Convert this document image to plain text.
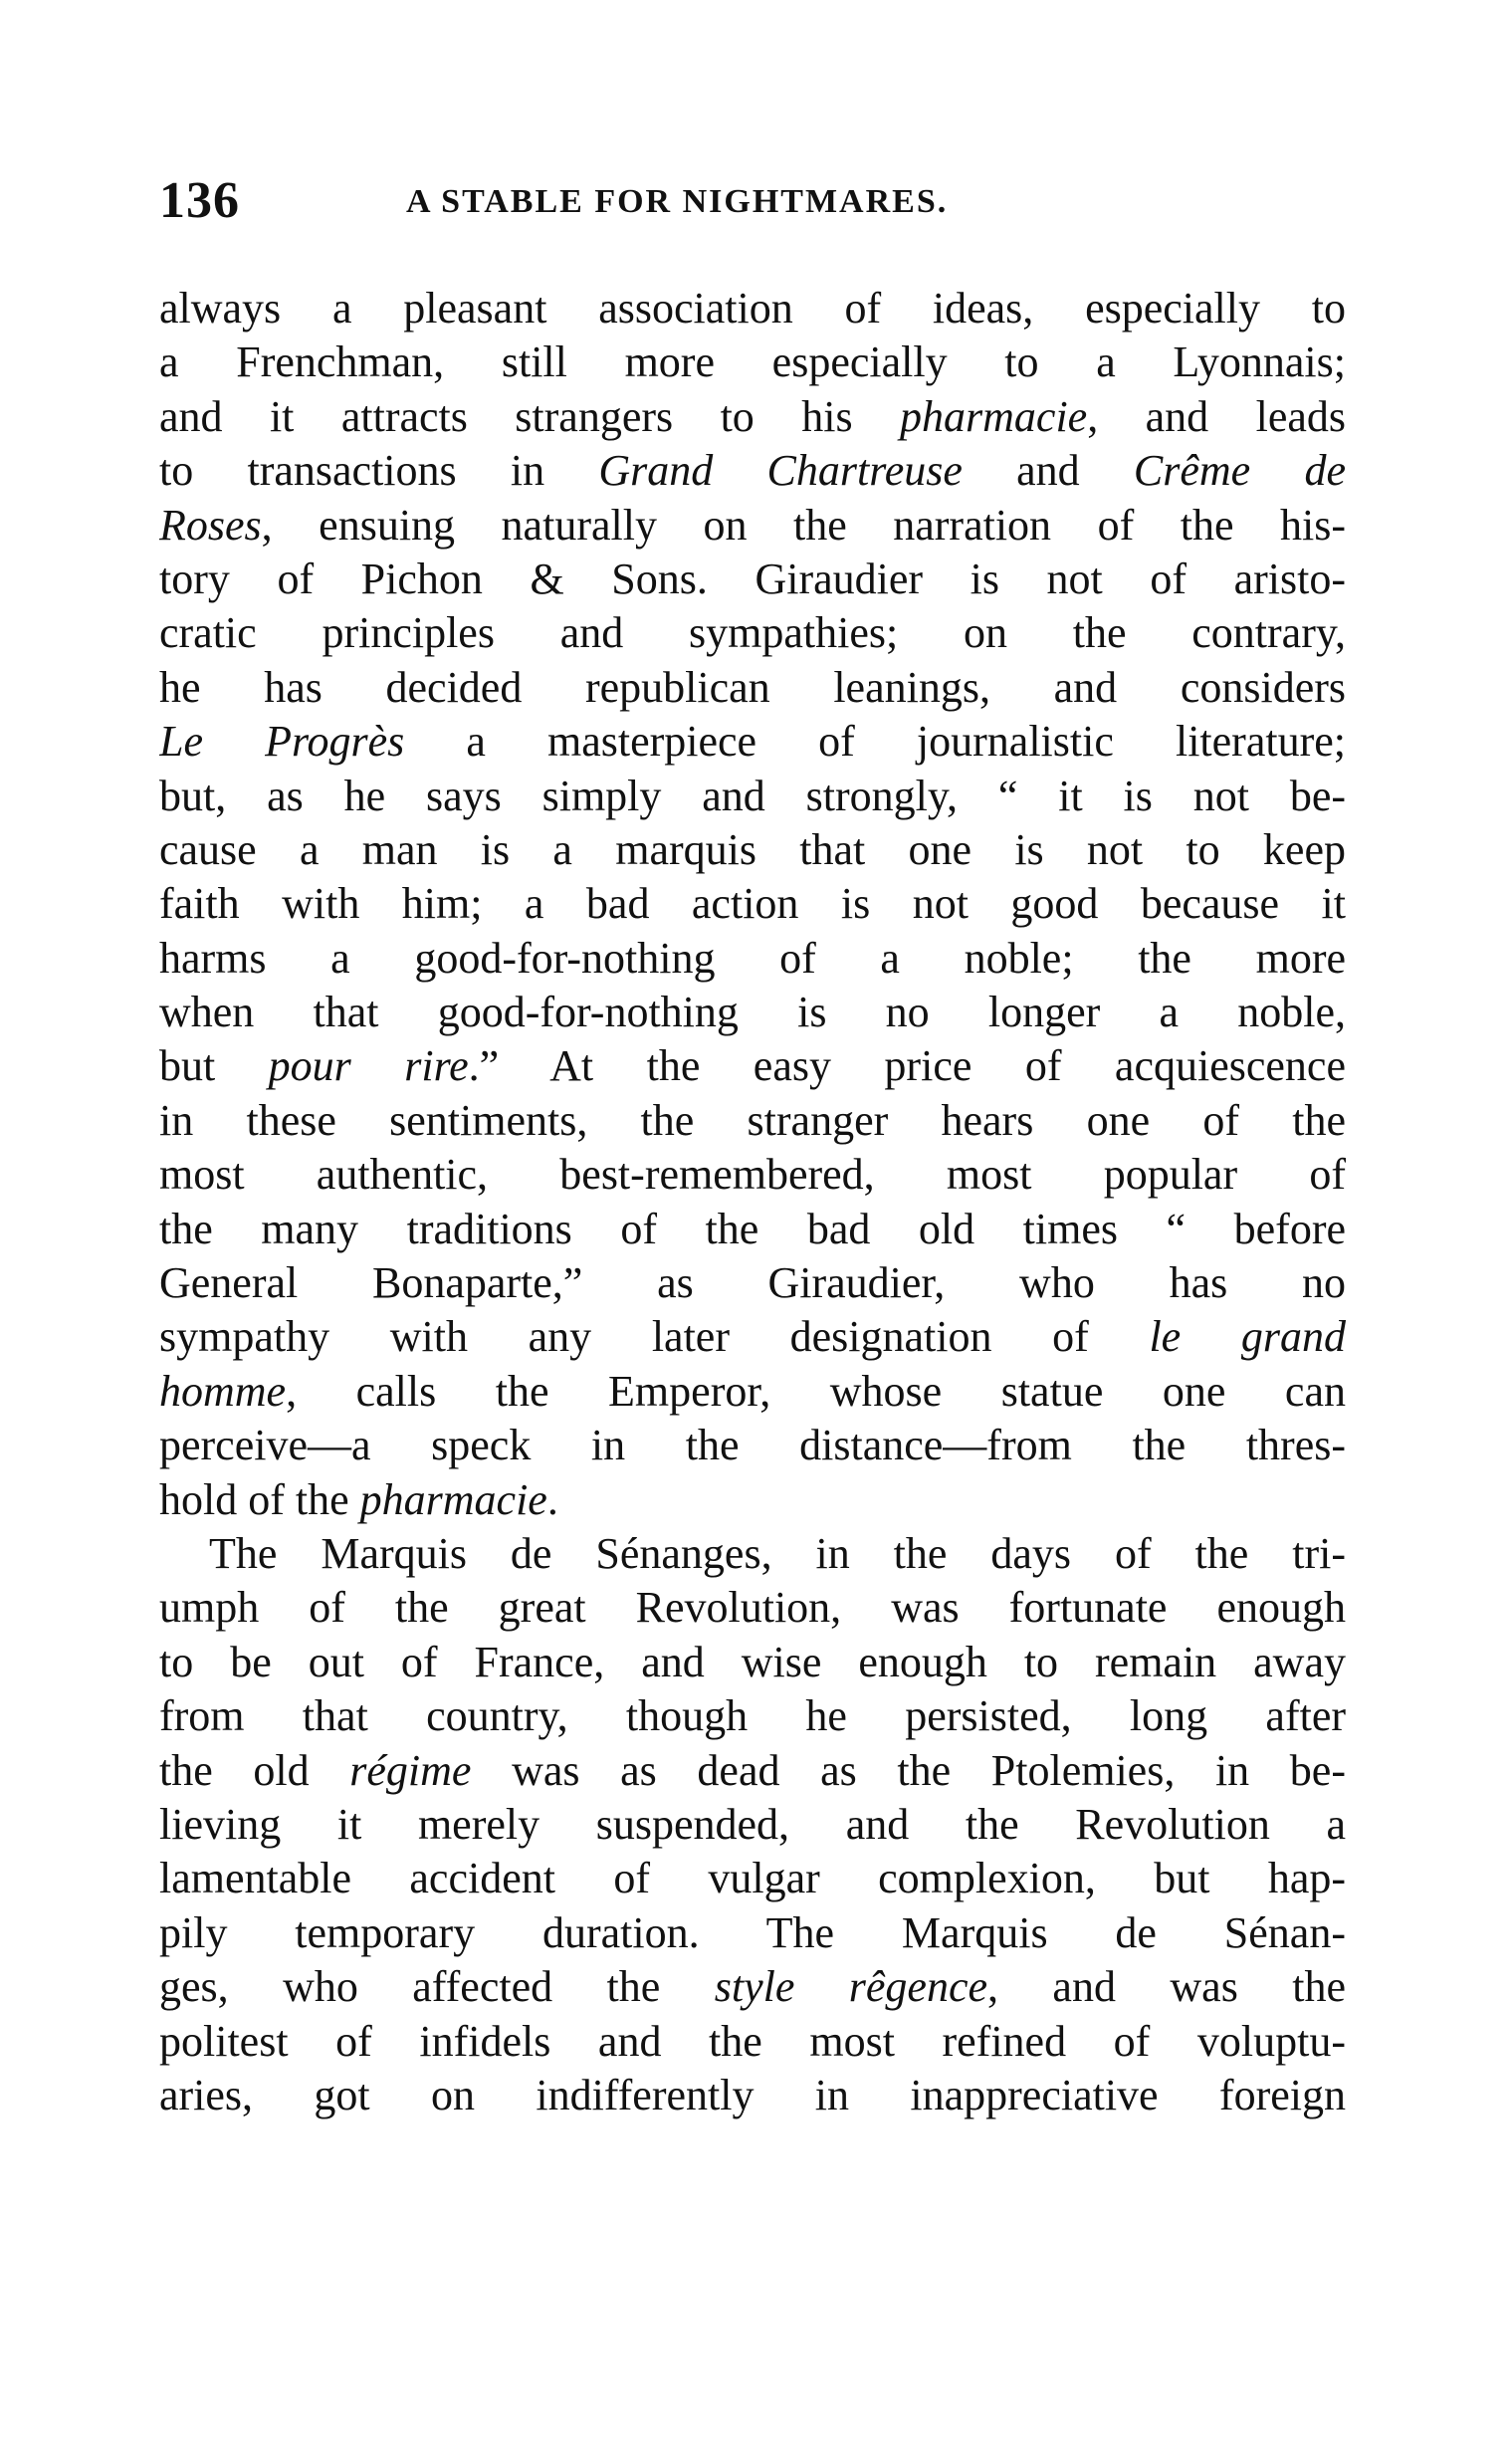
136	A STABLE FOR NIGHTMARES.
always a pleasant association of ideas, especially to
a Frenchman, still more especially to a Lyonnais;
and it attracts strangers to his pharmacie, and leads
to transactions in Grand Chartreuse and Crême de
Roses, ensuing naturally on the narration of the his-
tory of Pichon & Sons. Giraudier is not of aristo-
cratic principles and sympathies; on the contrary,
he has decided republican leanings, and considers
Le Progrès a masterpiece of journalistic literature;
but, as he says simply and strongly, “ it is not be-
cause a man is a marquis that one is not to keep
faith with him; a bad action is not good because it
harms a good-for-nothing of a noble; the more
when that good-for-nothing is no longer a noble,
but pour rire.” At the easy price of acquiescence
in these sentiments, the stranger hears one of the
most authentic, best-remembered, most popular of
the many traditions of the bad old times “ before
General Bonaparte,” as Giraudier, who has no
sympathy with any later designation of le grand
homme, calls the Emperor, whose statue one can
perceive—a speck in the distance—from the thres-
hold of the pharmacie.
The Marquis de Sénanges, in the days of the tri-
umph of the great Revolution, was fortunate enough
to be out of France, and wise enough to remain away
from that country, though he persisted, long after
the old régime was as dead as the Ptolemies, in be-
lieving it merely suspended, and the Revolution a
lamentable accident of vulgar complexion, but hap-
pily temporary duration. The Marquis de Sénan-
ges, who affected the style rêgence, and was the
politest of infidels and the most refined of voluptu-
aries, got on indifferently in inappreciative foreign
